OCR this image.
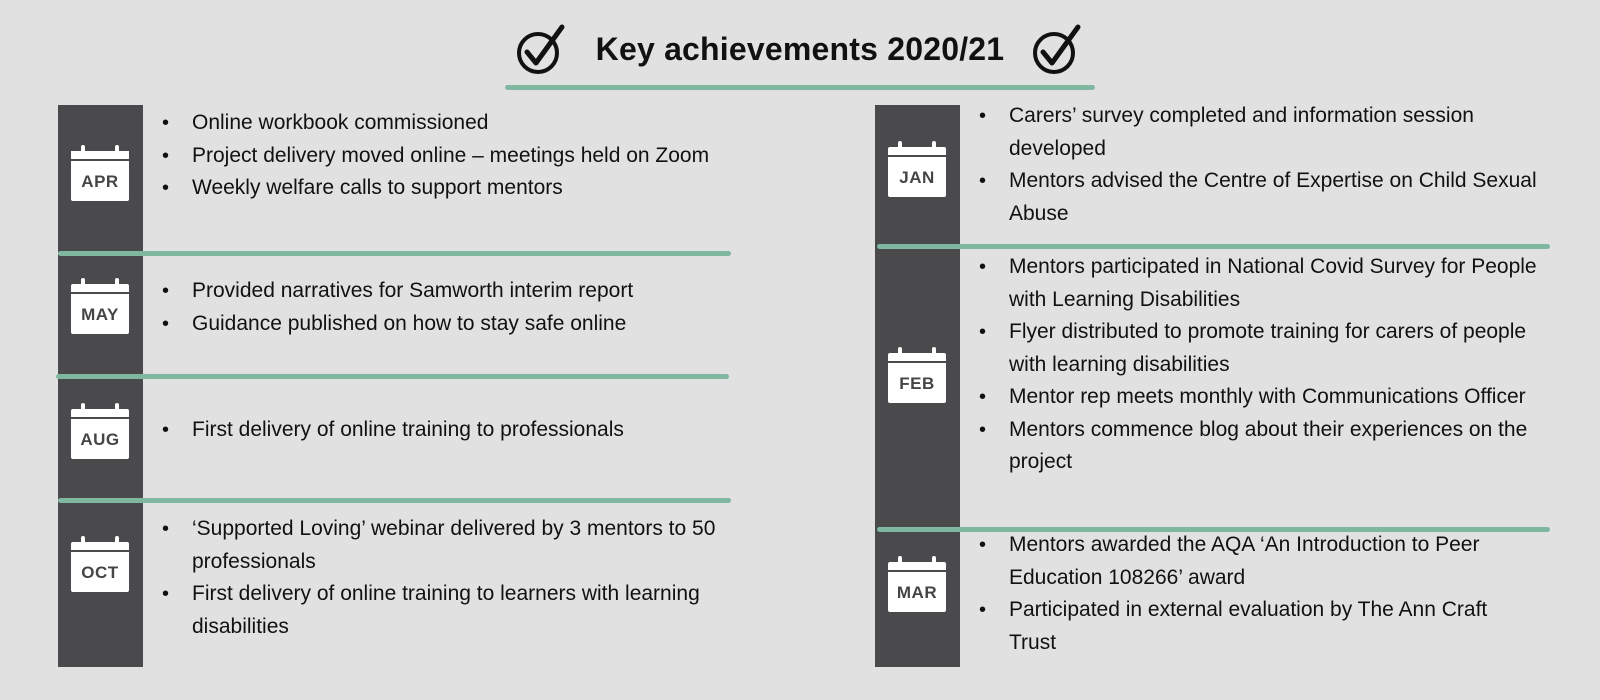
Key achievements 2020/21
APR
• Online workbook commissioned
• Project delivery moved online – meetings held on Zoom
• Weekly welfare calls to support mentors
MAY
• Provided narratives for Samworth interim report
• Guidance published on how to stay safe online
AUG
•	First delivery of online training to professionals
OCT
• ‘Supported Loving’ webinar delivered by 3 mentors to 50 professionals
• First delivery of online training to learners with learning disabilities
JAN
• Carers’ survey completed and information session developed
• Mentors advised the Centre of Expertise on Child Sexual Abuse
FEB
• Mentors participated in National Covid Survey for People with Learning Disabilities
• Flyer distributed to promote training for carers of people with learning disabilities
• Mentor rep meets monthly with Communications Officer
• Mentors commence blog about their experiences on the project
MAR
• Mentors awarded the AQA ‘An Introduction to Peer Education 108266’ award
• Participated in external evaluation by The Ann Craft Trust
